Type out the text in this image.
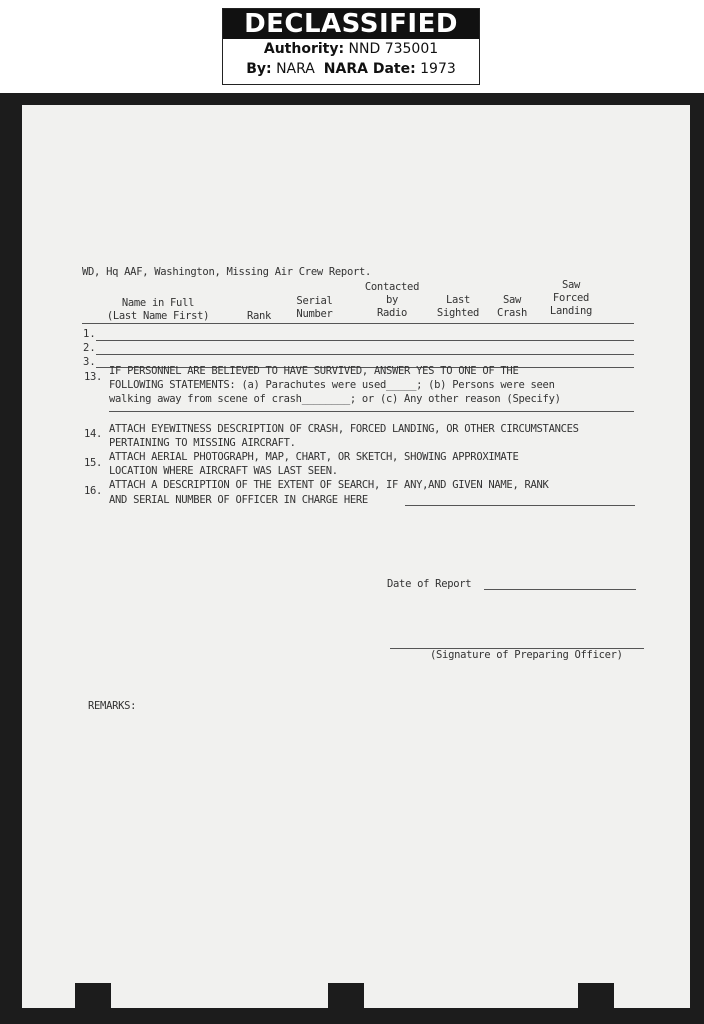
DECLASSIFIED
Authority: NND 735001
By: NARA NARA Date: 1973
WD, Hq AAF, Washington, Missing Air Crew Report.
Name in Full
(Last Name First)	Rank
Serial
Number
Contacted
by
Radio
Last
Sighted
Saw
Crash
Saw
Forced
Landing
1.
2.
3.
13. IF PERSONNEL ARE BELIEVED TO HAVE SURVIVED, ANSWER YES TO ONE OF THE
FOLLOWING STATEMENTS: (a) Parachutes were used_____; (b) Persons were seen
walking away from scene of crash________; or (c) Any other reason (Specify)
14. ATTACH EYEWITNESS DESCRIPTION OF CRASH, FORCED LANDING, OR OTHER CIRCUMSTANCES
PERTAINING TO MISSING AIRCRAFT.
15. ATTACH AERIAL PHOTOGRAPH, MAP, CHART, OR SKETCH, SHOWING APPROXIMATE
LOCATION WHERE AIRCRAFT WAS LAST SEEN.
16. ATTACH A DESCRIPTION OF THE EXTENT OF SEARCH, IF ANY,AND GIVEN NAME, RANK
AND SERIAL NUMBER OF OFFICER IN CHARGE HERE
Date of Report
(Signature of Preparing Officer)
REMARKS:
